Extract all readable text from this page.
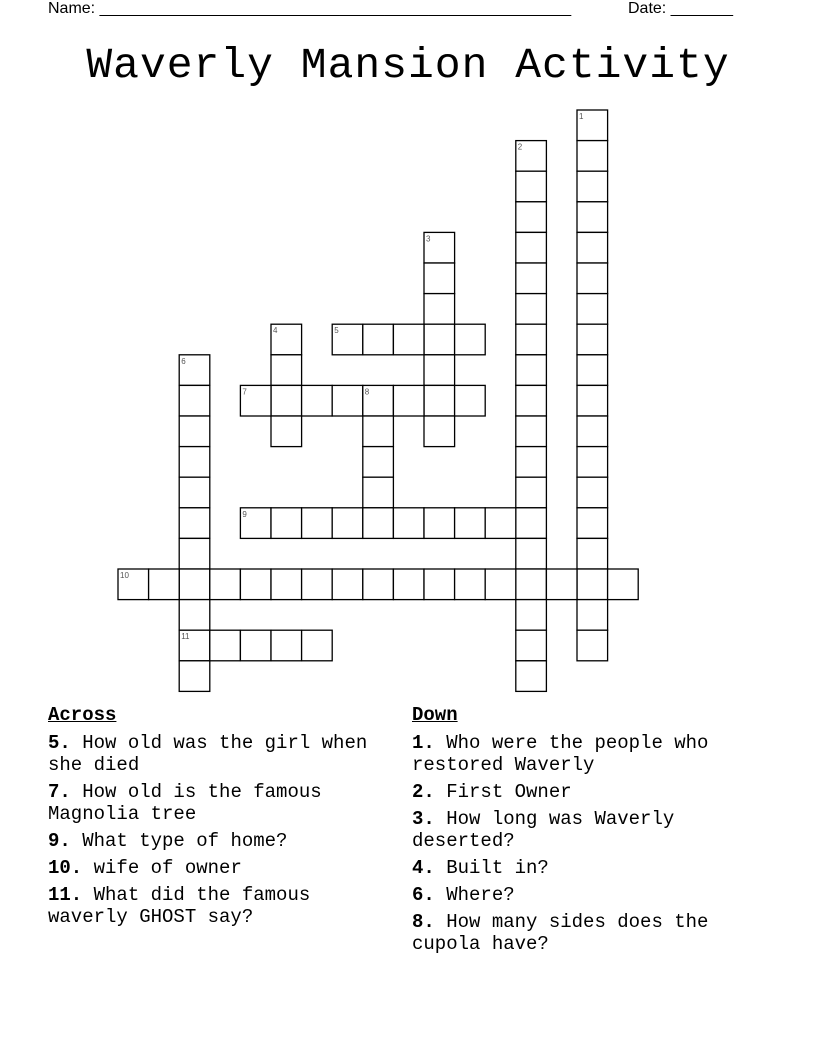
Name: _____________________________________________________	Date: _______
Waverly Mansion Activity
1
2
3
4	5
6
7	8
9
10
11
Across
5. How old was the girl when she died
7. How old is the famous Magnolia tree
9. What type of home?
10. wife of owner
11. What did the famous waverly GHOST say?
Down
1. Who were the people who restored Waverly
2. First Owner
3. How long was Waverly deserted?
4. Built in?
6. Where?
8. How many sides does the cupola have?
